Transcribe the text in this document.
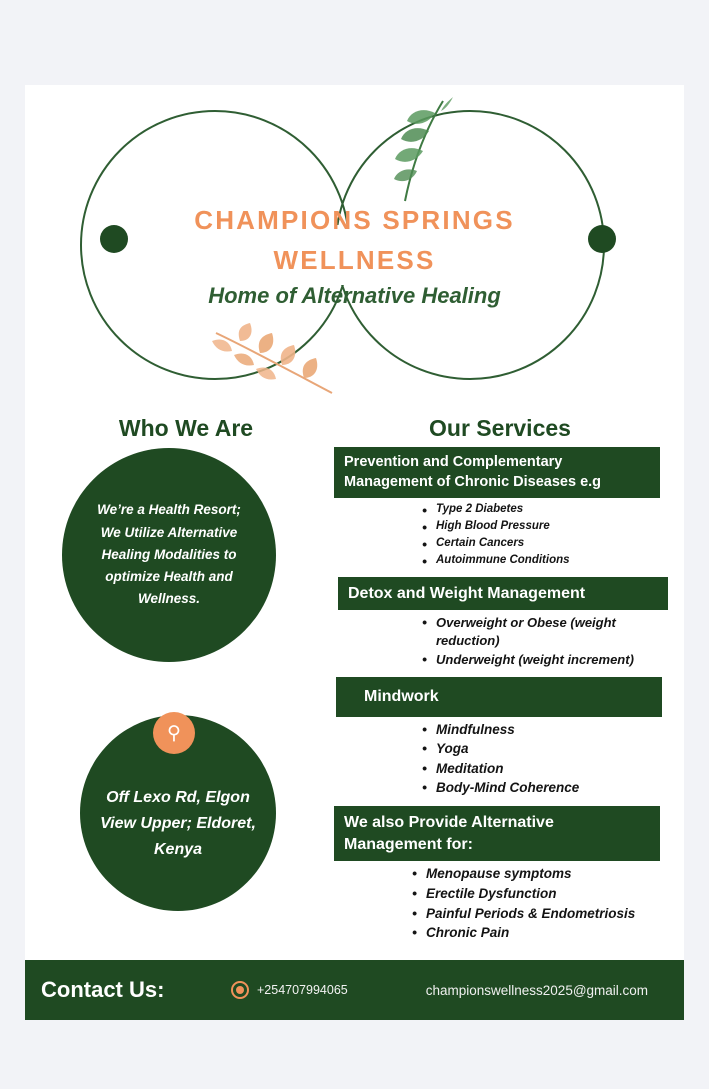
CHAMPIONS SPRINGS
WELLNESS
Home of Alternative Healing
Who We Are	Our Services
We’re a Health Resort; We Utilize Alternative Healing Modalities to optimize Health and Wellness.
Off Lexo Rd, Elgon View Upper; Eldoret, Kenya
⚲
Prevention and Complementary Management of Chronic Diseases e.g
• Type 2 Diabetes
• High Blood Pressure
• Certain Cancers
• Autoimmune Conditions
Detox and Weight Management
• Overweight or Obese (weight reduction)
• Underweight (weight increment)
Mindwork
• Mindfulness
• Yoga
• Meditation
• Body-Mind Coherence
We also Provide Alternative Management for:
• Menopause symptoms
• Erectile Dysfunction
• Painful Periods & Endometriosis
• Chronic Pain
Contact Us:	+254707994065	championswellness2025@gmail.com
